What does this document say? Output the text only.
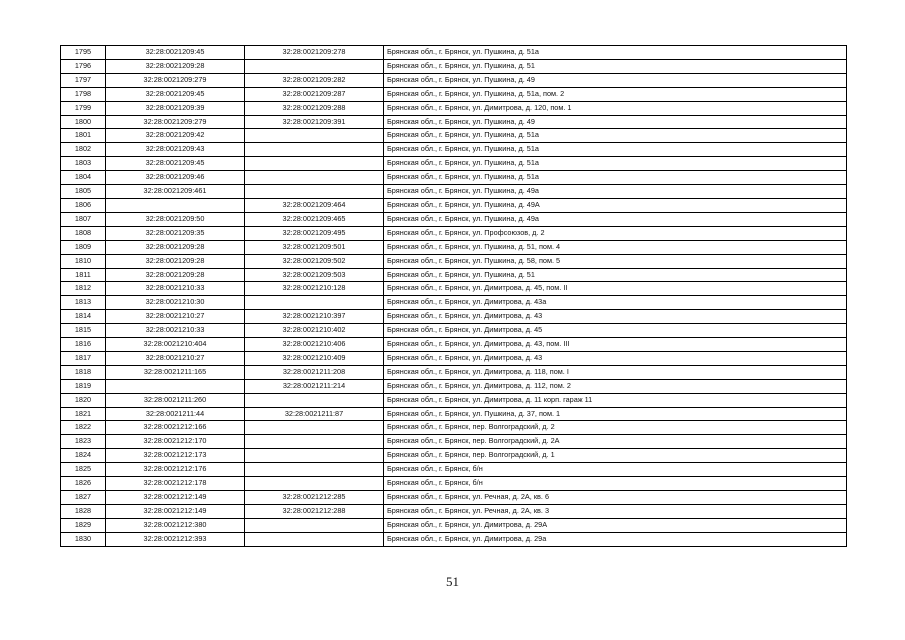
1795	32:28:0021209:45	32:28:0021209:278	Брянская обл., г. Брянск, ул. Пушкина, д. 51а
1796	32:28:0021209:28		Брянская обл., г. Брянск, ул. Пушкина, д. 51
1797	32:28:0021209:279	32:28:0021209:282	Брянская обл., г. Брянск, ул. Пушкина, д. 49
1798	32:28:0021209:45	32:28:0021209:287	Брянская обл., г. Брянск, ул. Пушкина, д. 51а, пом. 2
1799	32:28:0021209:39	32:28:0021209:288	Брянская обл., г. Брянск, ул. Димитрова, д. 120, пом. 1
1800	32:28:0021209:279	32:28:0021209:391	Брянская обл., г. Брянск, ул. Пушкина, д. 49
1801	32:28:0021209:42		Брянская обл., г. Брянск, ул. Пушкина, д. 51а
1802	32:28:0021209:43		Брянская обл., г. Брянск, ул. Пушкина, д. 51а
1803	32:28:0021209:45		Брянская обл., г. Брянск, ул. Пушкина, д. 51а
1804	32:28:0021209:46		Брянская обл., г. Брянск, ул. Пушкина, д. 51а
1805	32:28:0021209:461		Брянская обл., г. Брянск, ул. Пушкина, д. 49а
1806		32:28:0021209:464	Брянская обл., г. Брянск, ул. Пушкина, д. 49А
1807	32:28:0021209:50	32:28:0021209:465	Брянская обл., г. Брянск, ул. Пушкина, д. 49а
1808	32:28:0021209:35	32:28:0021209:495	Брянская обл., г. Брянск, ул. Профсоюзов, д. 2
1809	32:28:0021209:28	32:28:0021209:501	Брянская обл., г. Брянск, ул. Пушкина, д. 51, пом. 4
1810	32:28:0021209:28	32:28:0021209:502	Брянская обл., г. Брянск, ул. Пушкина, д. 58, пом. 5
1811	32:28:0021209:28	32:28:0021209:503	Брянская обл., г. Брянск, ул. Пушкина, д. 51
1812	32:28:0021210:33	32:28:0021210:128	Брянская обл., г. Брянск, ул. Димитрова, д. 45, пом. II
1813	32:28:0021210:30		Брянская обл., г. Брянск, ул. Димитрова, д. 43а
1814	32:28:0021210:27	32:28:0021210:397	Брянская обл., г. Брянск, ул. Димитрова, д. 43
1815	32:28:0021210:33	32:28:0021210:402	Брянская обл., г. Брянск, ул. Димитрова, д. 45
1816	32:28:0021210:404	32:28:0021210:406	Брянская обл., г. Брянск, ул. Димитрова, д. 43, пом. III
1817	32:28:0021210:27	32:28:0021210:409	Брянская обл., г. Брянск, ул. Димитрова, д. 43
1818	32:28:0021211:165	32:28:0021211:208	Брянская обл., г. Брянск, ул. Димитрова, д. 118, пом. I
1819		32:28:0021211:214	Брянская обл., г. Брянск, ул. Димитрова, д. 112, пом. 2
1820	32:28:0021211:260		Брянская обл., г. Брянск, ул. Димитрова, д. 11 корп. гараж 11
1821	32:28:0021211:44	32:28:0021211:87	Брянская обл., г. Брянск, ул. Пушкина, д. 37, пом. 1
1822	32:28:0021212:166		Брянская обл., г. Брянск, пер. Волгоградский, д. 2
1823	32:28:0021212:170		Брянская обл., г. Брянск, пер. Волгоградский, д. 2А
1824	32:28:0021212:173		Брянская обл., г. Брянск, пер. Волгоградский, д. 1
1825	32:28:0021212:176		Брянская обл., г. Брянск, б/н
1826	32:28:0021212:178		Брянская обл., г. Брянск, б/н
1827	32:28:0021212:149	32:28:0021212:285	Брянская обл., г. Брянск, ул. Речная, д. 2А, кв. 6
1828	32:28:0021212:149	32:28:0021212:288	Брянская обл., г. Брянск, ул. Речная, д. 2А, кв. 3
1829	32:28:0021212:380		Брянская обл., г. Брянск, ул. Димитрова, д. 29А
1830	32:28:0021212:393		Брянская обл., г. Брянск, ул. Димитрова, д. 29а
51
